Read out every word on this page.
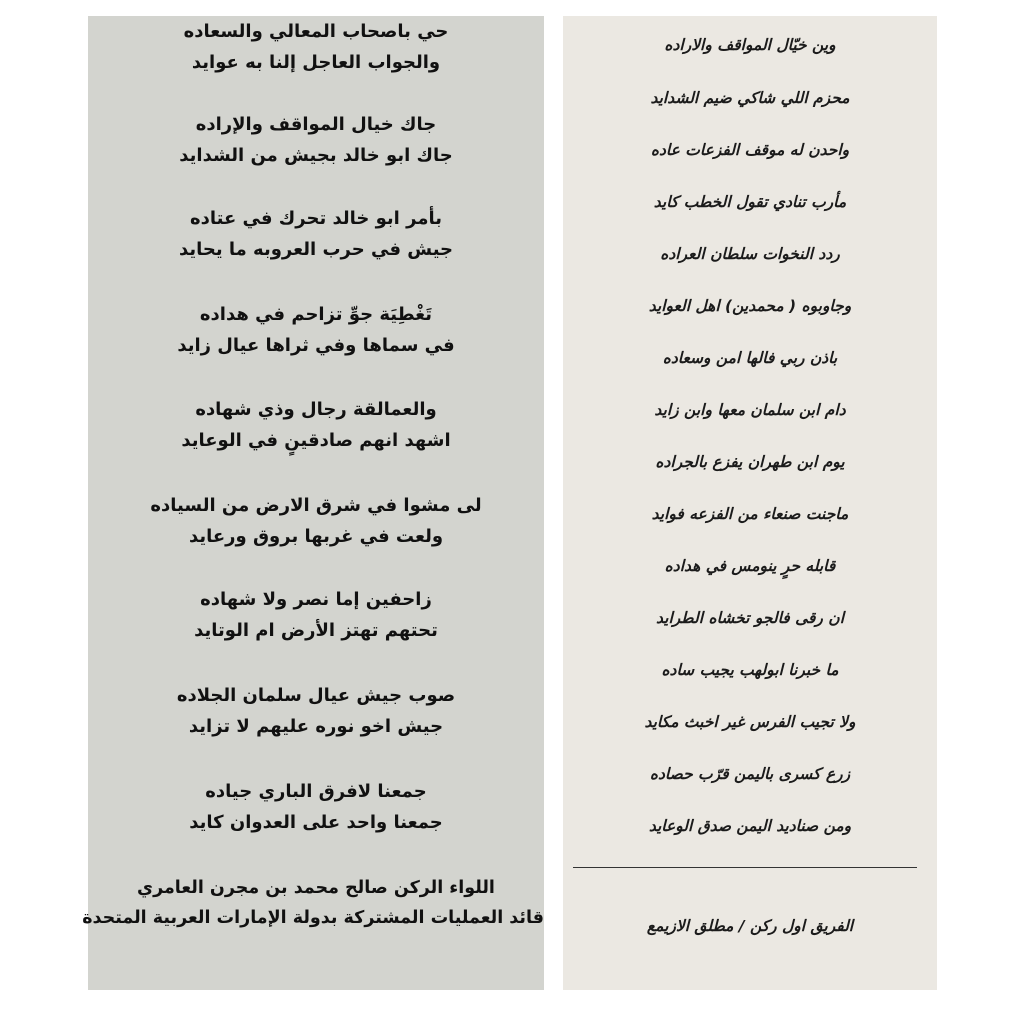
حي باصحاب المعالي والسعاده
والجواب العاجل إلنا به عوايد
جاك خيال المواقف والإراده
جاك ابو خالد بجيش من الشدايد
بأمر ابو خالد تحرك في عتاده
جيش في حرب العروبه ما يحايد
تَغْطِيَة جوِّ تزاحم في هداده
في سماها وفي ثراها عيال زايد
والعمالقة رجال وذي شهاده
اشهد انهم صادقينٍ في الوعايد
لى مشوا في شرق الارض من السياده
ولعت في غربها بروق ورعايد
زاحفين إما نصر ولا شهاده
تحتهم تهتز الأرض ام الوتايد
صوب جيش عيال سلمان الجلاده
جيش اخو نوره عليهم لا تزايد
جمعنا لافرق الباري جياده
جمعنا واحد على العدوان كايد
اللواء الركن صالح محمد بن مجرن العامري
قائد العمليات المشتركة بدولة الإمارات العربية المتحدة
وين خيّال المواقف والاراده
محزم اللي شاكي ضيم الشدايد
واحدن له موقف الفزعات عاده
مأرب تنادي تقول الخطب كايد
ردد النخوات سلطان العراده
وجاوبوه ( محمدين) اهل العوايد
باذن ربي فالها امن وسعاده
دام ابن سلمان معها وابن زايد
يوم ابن طهران يفزع بالجراده
ماجنت صنعاء من الفزعه فوايد
قابله حرٍ ينومس في هداده
ان رقى فالجو تخشاه الطرايد
ما خبرنا ابولهب يجيب ساده
ولا تجيب الفرس غير اخبث مكايد
زرع كسرى باليمن قرّب حصاده
ومن صناديد اليمن صدق الوعايد
الفريق اول ركن / مطلق الازيمع
